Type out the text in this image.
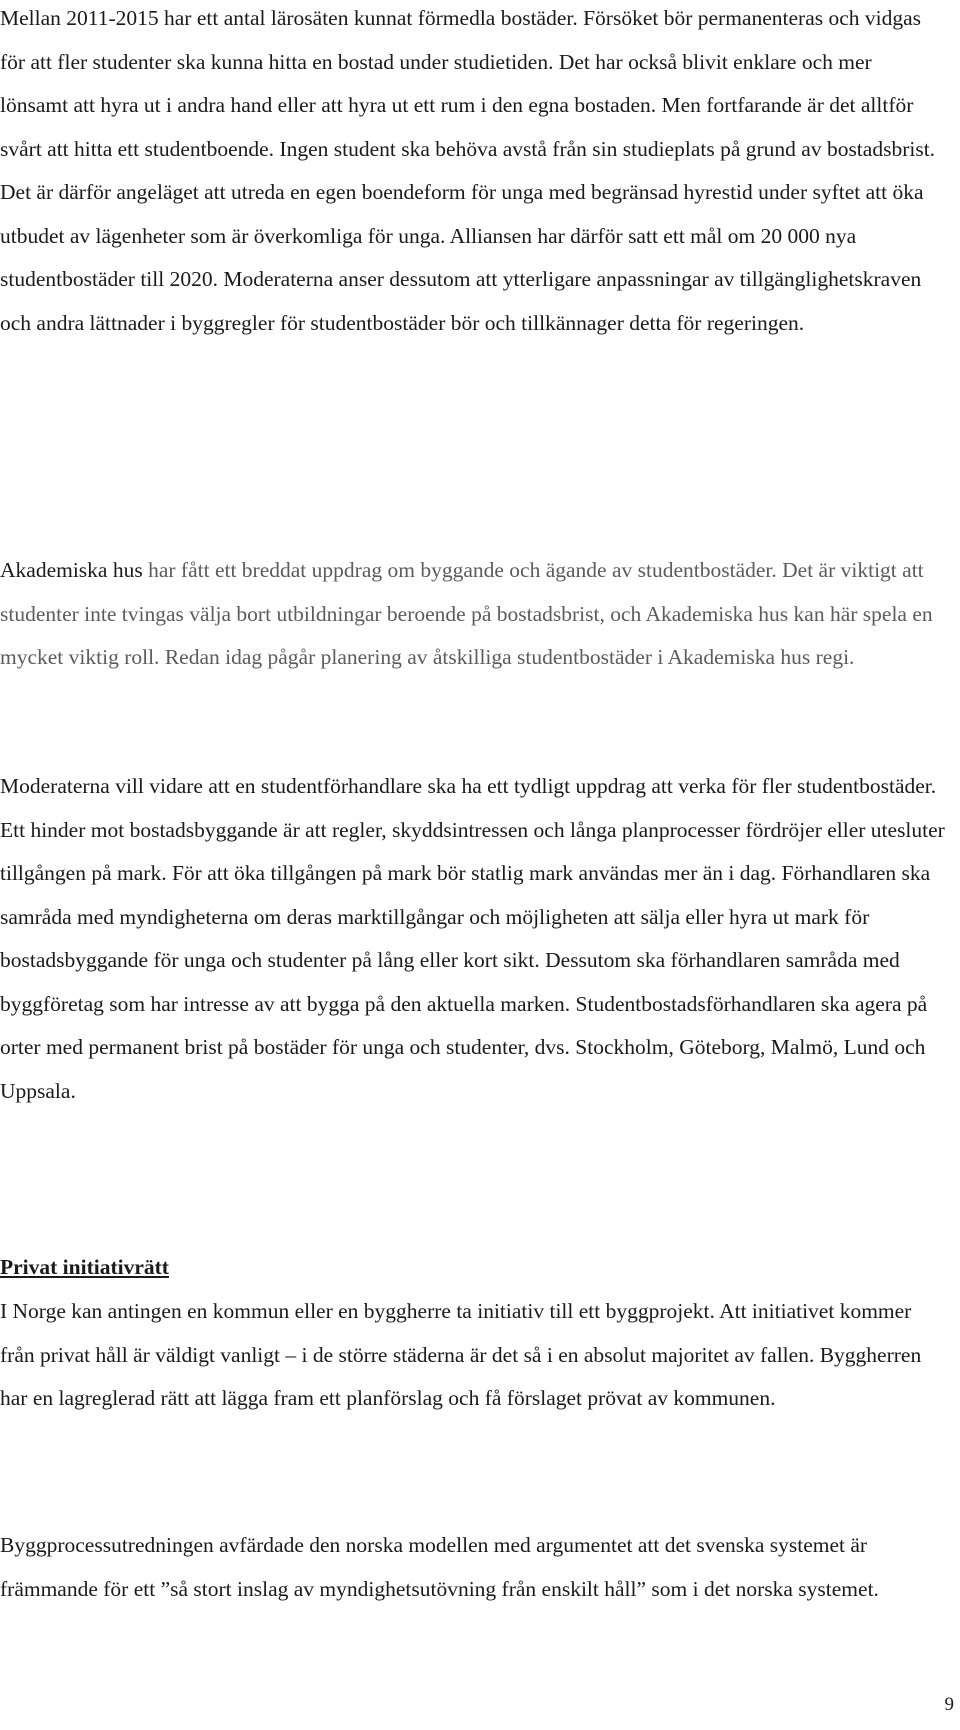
Mellan 2011-2015 har ett antal lärosäten kunnat förmedla bostäder. Försöket bör permanenteras och vidgas för att fler studenter ska kunna hitta en bostad under studietiden. Det har också blivit enklare och mer lönsamt att hyra ut i andra hand eller att hyra ut ett rum i den egna bostaden. Men fortfarande är det alltför svårt att hitta ett studentboende. Ingen student ska behöva avstå från sin studieplats på grund av bostadsbrist. Det är därför angeläget att utreda en egen boendeform för unga med begränsad hyrestid under syftet att öka utbudet av lägenheter som är överkomliga för unga. Alliansen har därför satt ett mål om 20 000 nya studentbostäder till 2020. Moderaterna anser dessutom att ytterligare anpassningar av tillgänglighetskraven och andra lättnader i byggregler för studentbostäder bör och tillkännager detta för regeringen.

Akademiska hus har fått ett breddat uppdrag om byggande och ägande av studentbostäder. Det är viktigt att studenter inte tvingas välja bort utbildningar beroende på bostadsbrist, och Akademiska hus kan här spela en mycket viktig roll. Redan idag pågår planering av åtskilliga studentbostäder i Akademiska hus regi.

Moderaterna vill vidare att en studentförhandlare ska ha ett tydligt uppdrag att verka för fler studentbostäder. Ett hinder mot bostadsbyggande är att regler, skyddsintressen och långa planprocesser fördröjer eller utesluter tillgången på mark. För att öka tillgången på mark bör statlig mark användas mer än i dag. Förhandlaren ska samråda med myndigheterna om deras marktillgångar och möjligheten att sälja eller hyra ut mark för bostadsbyggande för unga och studenter på lång eller kort sikt. Dessutom ska förhandlaren samråda med byggföretag som har intresse av att bygga på den aktuella marken. Studentbostadsförhandlaren ska agera på orter med permanent brist på bostäder för unga och studenter, dvs. Stockholm, Göteborg, Malmö, Lund och Uppsala.

Privat initiativrätt

I Norge kan antingen en kommun eller en byggherre ta initiativ till ett byggprojekt. Att initiativet kommer från privat håll är väldigt vanligt – i de större städerna är det så i en absolut majoritet av fallen. Byggherren har en lagreglerad rätt att lägga fram ett planförslag och få förslaget prövat av kommunen.

Byggprocessutredningen avfärdade den norska modellen med argumentet att det svenska systemet är främmande för ett ”så stort inslag av myndighetsutövning från enskilt håll” som i det norska systemet.

9
